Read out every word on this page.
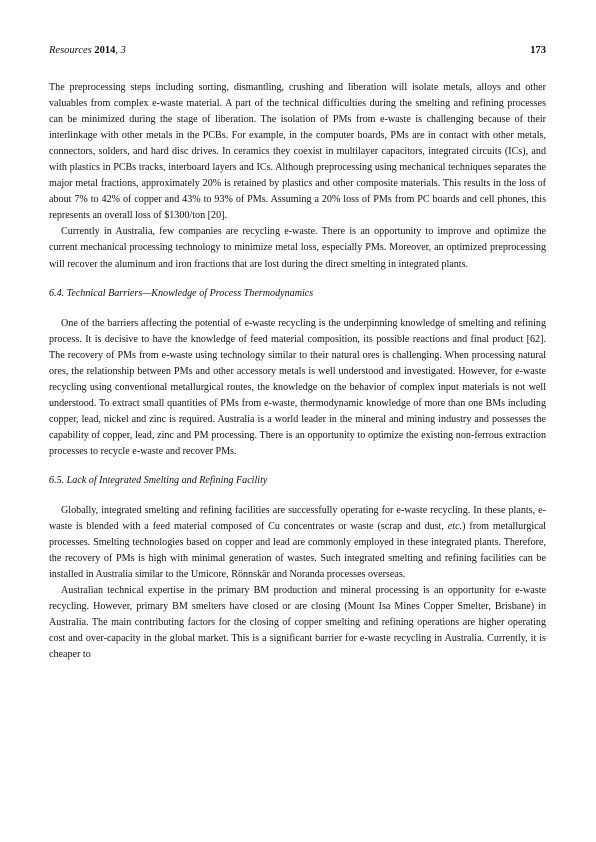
Resources 2014, 3	173

The preprocessing steps including sorting, dismantling, crushing and liberation will isolate metals, alloys and other valuables from complex e-waste material. A part of the technical difficulties during the smelting and refining processes can be minimized during the stage of liberation. The isolation of PMs from e-waste is challenging because of their interlinkage with other metals in the PCBs. For example, in the computer boards, PMs are in contact with other metals, connectors, solders, and hard disc drives. In ceramics they coexist in multilayer capacitors, integrated circuits (ICs), and with plastics in PCBs tracks, interboard layers and ICs. Although preprocessing using mechanical techniques separates the major metal fractions, approximately 20% is retained by plastics and other composite materials. This results in the loss of about 7% to 42% of copper and 43% to 93% of PMs. Assuming a 20% loss of PMs from PC boards and cell phones, this represents an overall loss of $1300/ton [20].

Currently in Australia, few companies are recycling e-waste. There is an opportunity to improve and optimize the current mechanical processing technology to minimize metal loss, especially PMs. Moreover, an optimized preprocessing will recover the aluminum and iron fractions that are lost during the direct smelting in integrated plants.

6.4. Technical Barriers—Knowledge of Process Thermodynamics

One of the barriers affecting the potential of e-waste recycling is the underpinning knowledge of smelting and refining process. It is decisive to have the knowledge of feed material composition, its possible reactions and final product [62]. The recovery of PMs from e-waste using technology similar to their natural ores is challenging. When processing natural ores, the relationship between PMs and other accessory metals is well understood and investigated. However, for e-waste recycling using conventional metallurgical routes, the knowledge on the behavior of complex input materials is not well understood. To extract small quantities of PMs from e-waste, thermodynamic knowledge of more than one BMs including copper, lead, nickel and zinc is required. Australia is a world leader in the mineral and mining industry and possesses the capability of copper, lead, zinc and PM processing. There is an opportunity to optimize the existing non-ferrous extraction processes to recycle e-waste and recover PMs.

6.5. Lack of Integrated Smelting and Refining Facility

Globally, integrated smelting and refining facilities are successfully operating for e-waste recycling. In these plants, e-waste is blended with a feed material composed of Cu concentrates or waste (scrap and dust, etc.) from metallurgical processes. Smelting technologies based on copper and lead are commonly employed in these integrated plants. Therefore, the recovery of PMs is high with minimal generation of wastes. Such integrated smelting and refining facilities can be installed in Australia similar to the Umicore, Rönnskär and Noranda processes overseas.

Australian technical expertise in the primary BM production and mineral processing is an opportunity for e-waste recycling. However, primary BM smelters have closed or are closing (Mount Isa Mines Copper Smelter, Brisbane) in Australia. The main contributing factors for the closing of copper smelting and refining operations are higher operating cost and over-capacity in the global market. This is a significant barrier for e-waste recycling in Australia. Currently, it is cheaper to
